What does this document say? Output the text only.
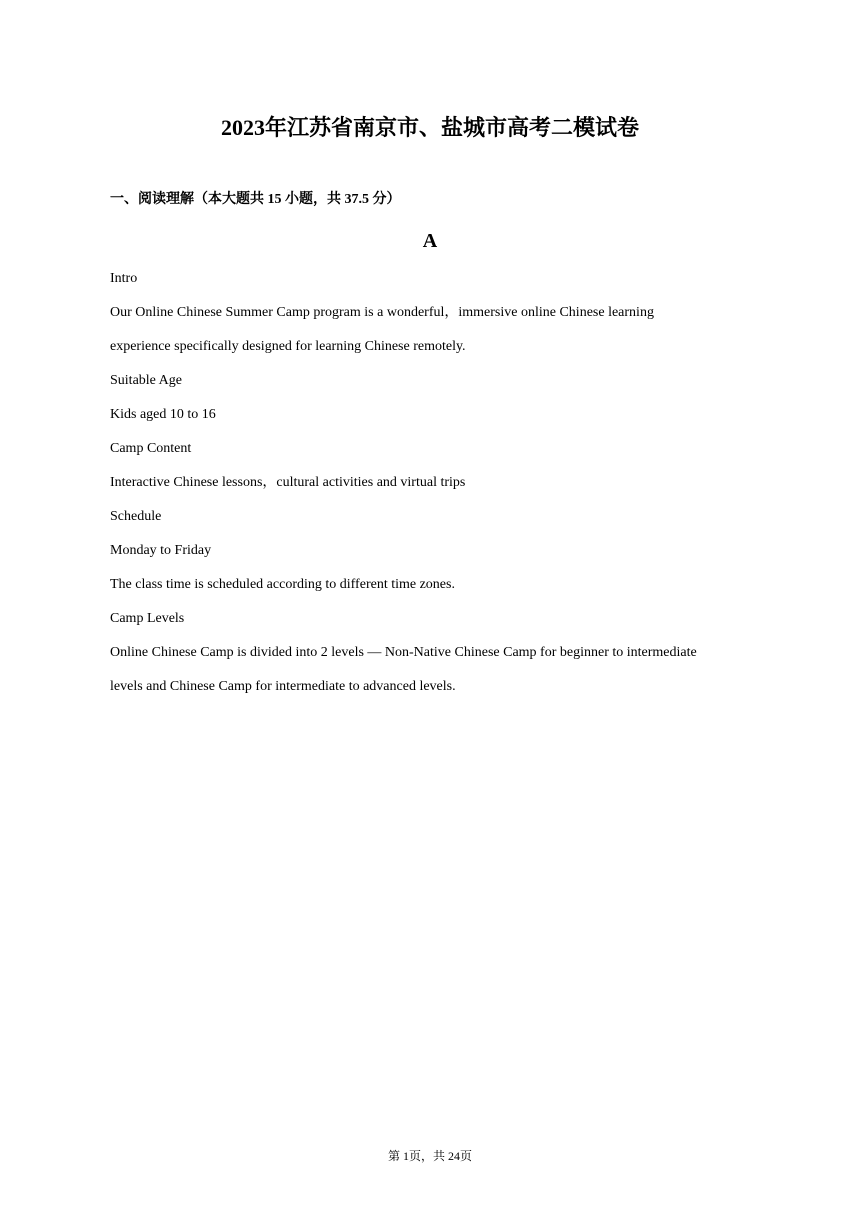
2023年江苏省南京市、盐城市高考二模试卷
一、阅读理解（本大题共 15 小题，共 37.5 分）
A
Intro
Our Online Chinese Summer Camp program is a wonderful，immersive online Chinese learning
experience specifically designed for learning Chinese remotely.
Suitable Age
Kids aged 10 to 16
Camp Content
Interactive Chinese lessons，cultural activities and virtual trips
Schedule
Monday to Friday
The class time is scheduled according to different time zones.
Camp Levels
Online Chinese Camp is divided into 2 levels — Non-Native Chinese Camp for beginner to intermediate
levels and Chinese Camp for intermediate to advanced levels.
第 1页，共 24页
